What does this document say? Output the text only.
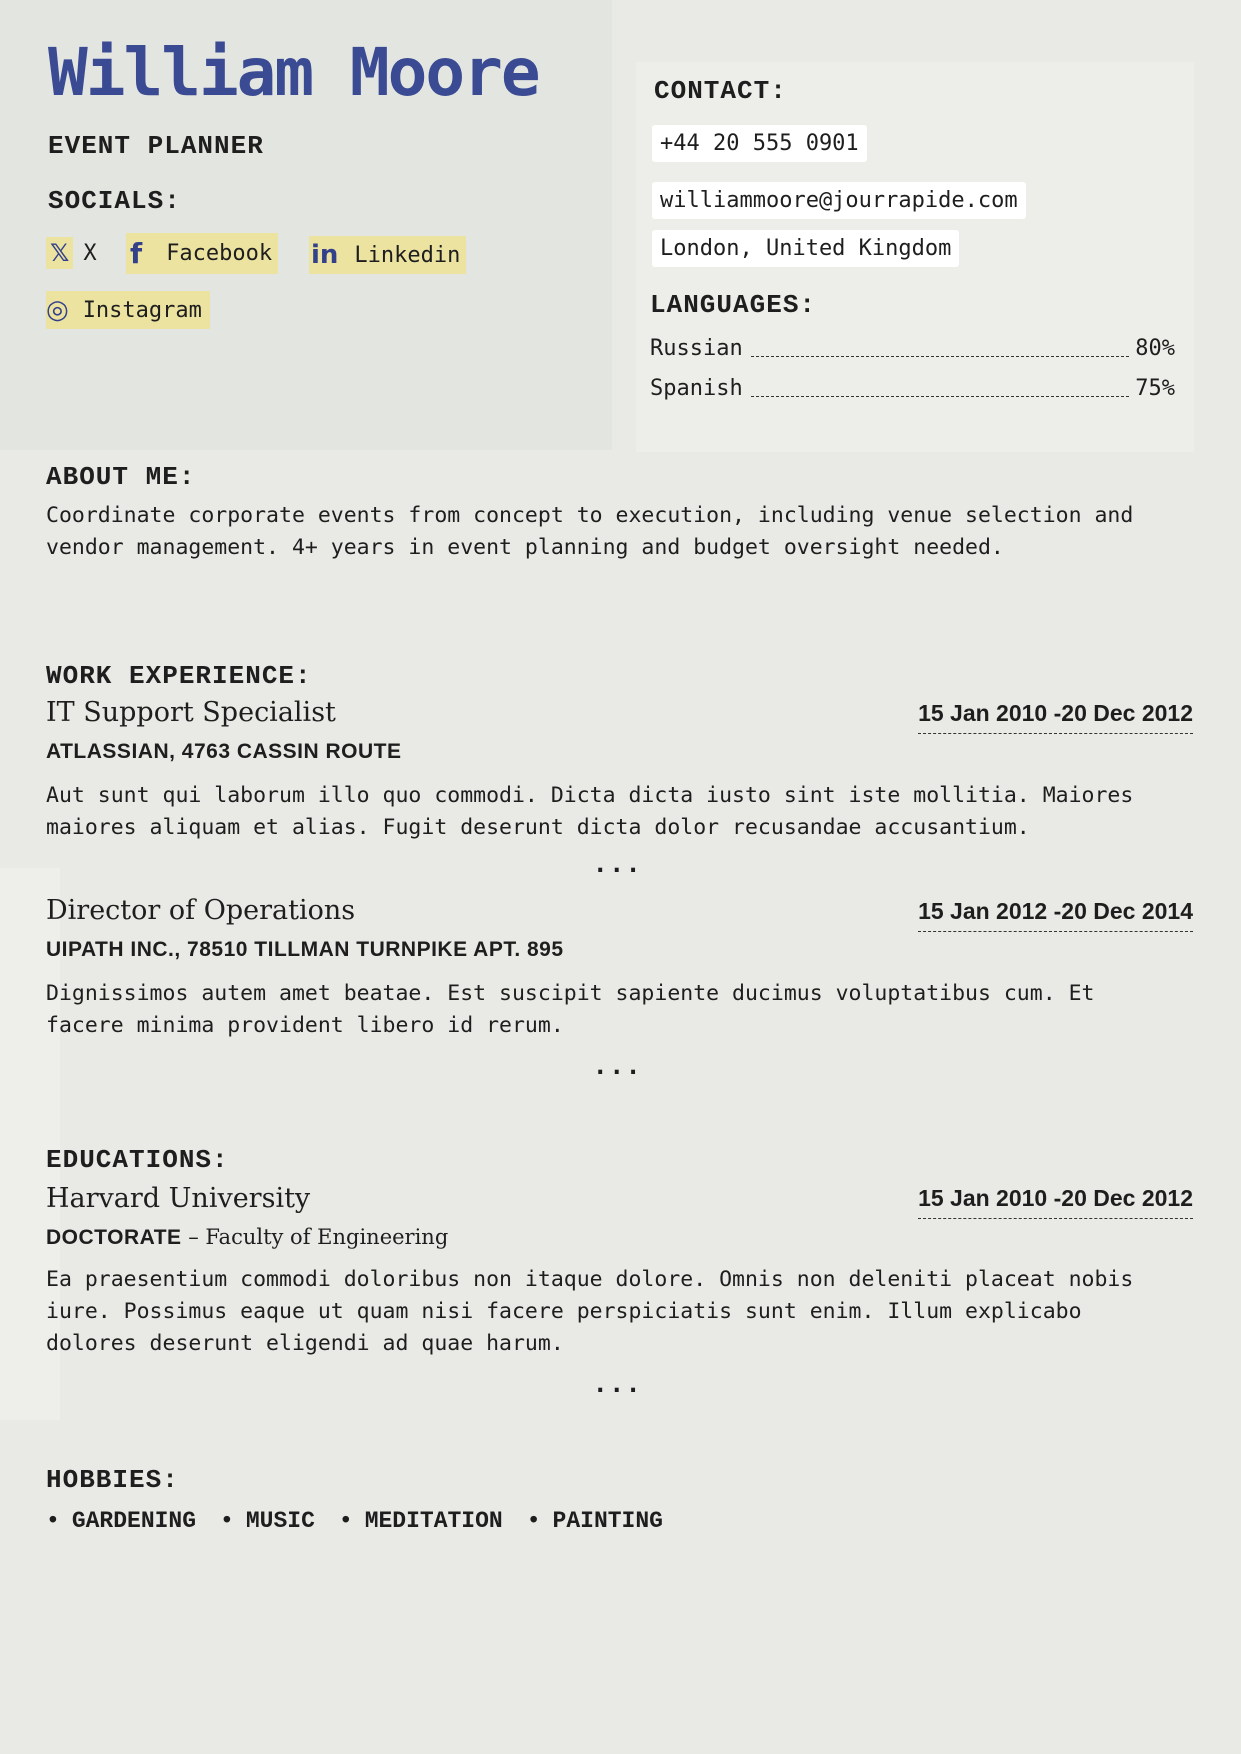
William Moore
EVENT PLANNER
SOCIALS:
𝕏 X f Facebook in Linkedin
◎ Instagram
CONTACT:
+44 20 555 0901
williammoore@jourrapide.com
London, United Kingdom
LANGUAGES:
Russian	80%
Spanish	75%
ABOUT ME:
Coordinate corporate events from concept to execution, including venue selection and
vendor management. 4+ years in event planning and budget oversight needed.
WORK EXPERIENCE:
IT Support Specialist	15 Jan 2010 -20 Dec 2012
ATLASSIAN, 4763 CASSIN ROUTE
Aut sunt qui laborum illo quo commodi. Dicta dicta iusto sint iste mollitia. Maiores
maiores aliquam et alias. Fugit deserunt dicta dolor recusandae accusantium.
...
Director of Operations	15 Jan 2012 -20 Dec 2014
UIPATH INC., 78510 TILLMAN TURNPIKE APT. 895
Dignissimos autem amet beatae. Est suscipit sapiente ducimus voluptatibus cum. Et
facere minima provident libero id rerum.
...
EDUCATIONS:
Harvard University	15 Jan 2010 -20 Dec 2012
DOCTORATE – Faculty of Engineering
Ea praesentium commodi doloribus non itaque dolore. Omnis non deleniti placeat nobis
iure. Possimus eaque ut quam nisi facere perspiciatis sunt enim. Illum explicabo
dolores deserunt eligendi ad quae harum.
...
HOBBIES:
• GARDENING	• MUSIC	• MEDITATION	• PAINTING
